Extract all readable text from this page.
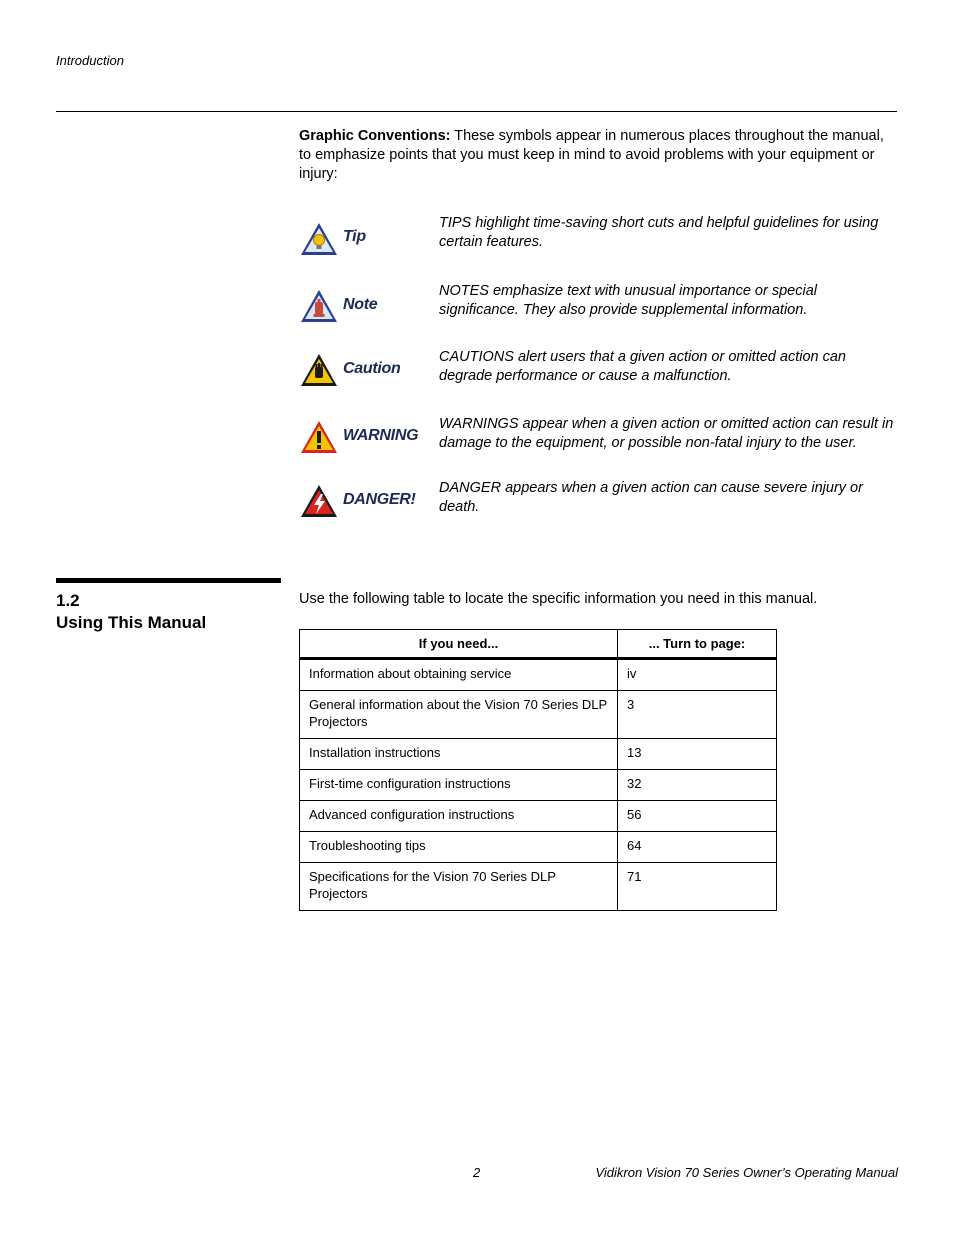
Introduction
Graphic Conventions: These symbols appear in numerous places throughout the manual, to emphasize points that you must keep in mind to avoid problems with your equipment or injury:
Tip
TIPS highlight time-saving short cuts and helpful guidelines for using certain features.
Note
NOTES emphasize text with unusual importance or special significance. They also provide supplemental information.
Caution
CAUTIONS alert users that a given action or omitted action can degrade performance or cause a malfunction.
WARNING
WARNINGS appear when a given action or omitted action can result in damage to the equipment, or possible non-fatal injury to the user.
DANGER!
DANGER appears when a given action can cause severe injury or death.
1.2
Using This Manual
Use the following table to locate the specific information you need in this manual.
If you need...	... Turn to page:
Information about obtaining service	iv
General information about the Vision 70 Series DLP Projectors	3
Installation instructions	13
First-time configuration instructions	32
Advanced configuration instructions	56
Troubleshooting tips	64
Specifications for the Vision 70 Series DLP Projectors	71
2	Vidikron Vision 70 Series Owner’s Operating Manual
